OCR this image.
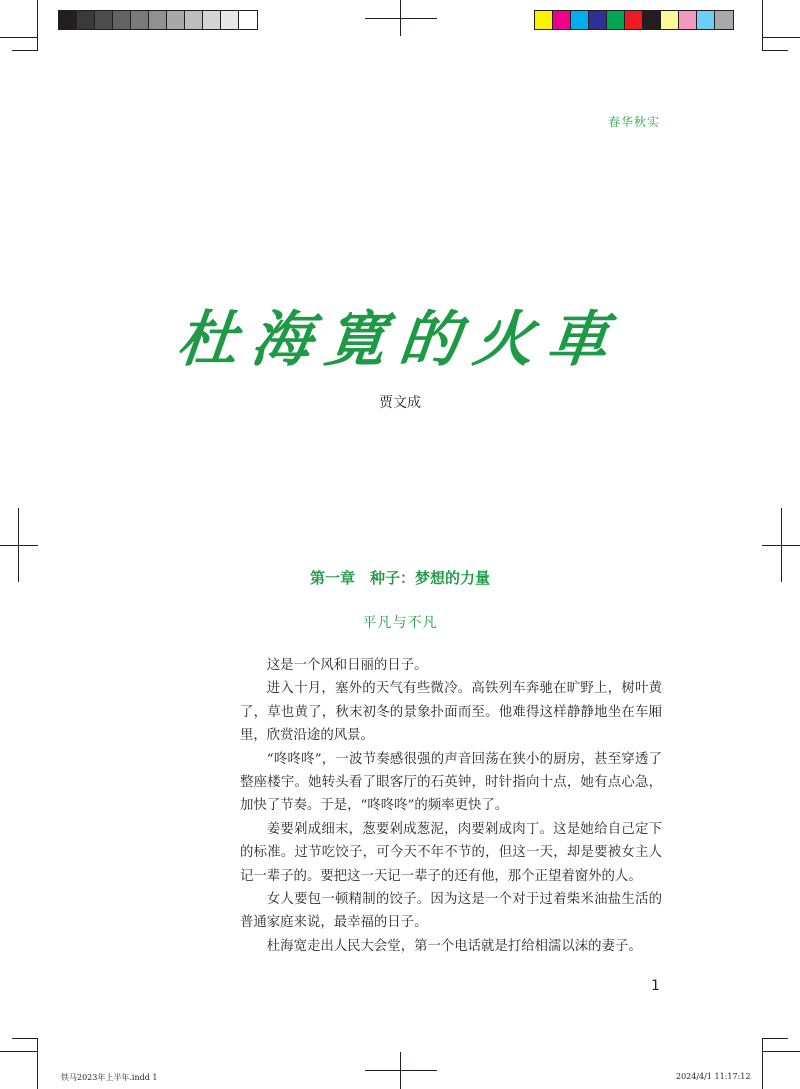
春华秋实
杜海寛的火車
贾文成
第一章　种子：梦想的力量
平凡与不凡

这是一个风和日丽的日子。

进入十月，塞外的天气有些微冷。高铁列车奔驰在旷野上，树叶黄了，草也黄了，秋末初冬的景象扑面而至。他难得这样静静地坐在车厢里，欣赏沿途的风景。

“咚咚咚”，一波节奏感很强的声音回荡在狭小的厨房，甚至穿透了整座楼宇。她转头看了眼客厅的石英钟，时针指向十点，她有点心急，加快了节奏。于是，“咚咚咚”的频率更快了。

姜要剁成细末，葱要剁成葱泥，肉要剁成肉丁。这是她给自己定下的标准。过节吃饺子，可今天不年不节的，但这一天，却是要被女主人记一辈子的。要把这一天记一辈子的还有他，那个正望着窗外的人。

女人要包一顿精制的饺子。因为这是一个对于过着柴米油盐生活的普通家庭来说，最幸福的日子。

杜海宽走出人民大会堂，第一个电话就是打给相濡以沫的妻子。

1
铁马2023年上半年.indd 1	2024/4/1 11:17:12
